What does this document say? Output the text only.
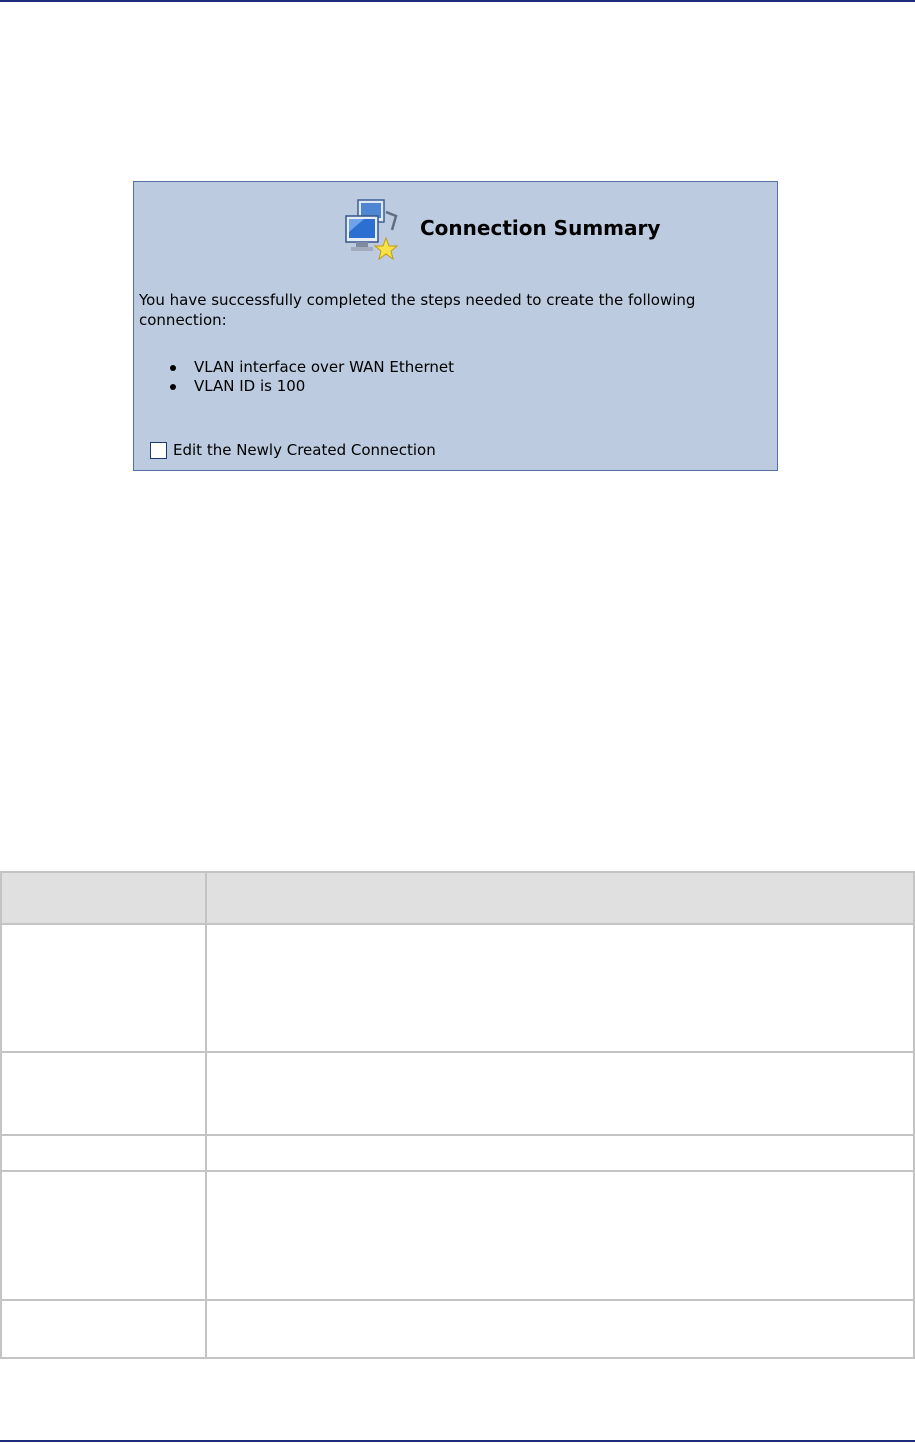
Connection Summary
You have successfully completed the steps needed to create the following connection:
VLAN interface over WAN Ethernet
VLAN ID is 100
Edit the Newly Created Connection
